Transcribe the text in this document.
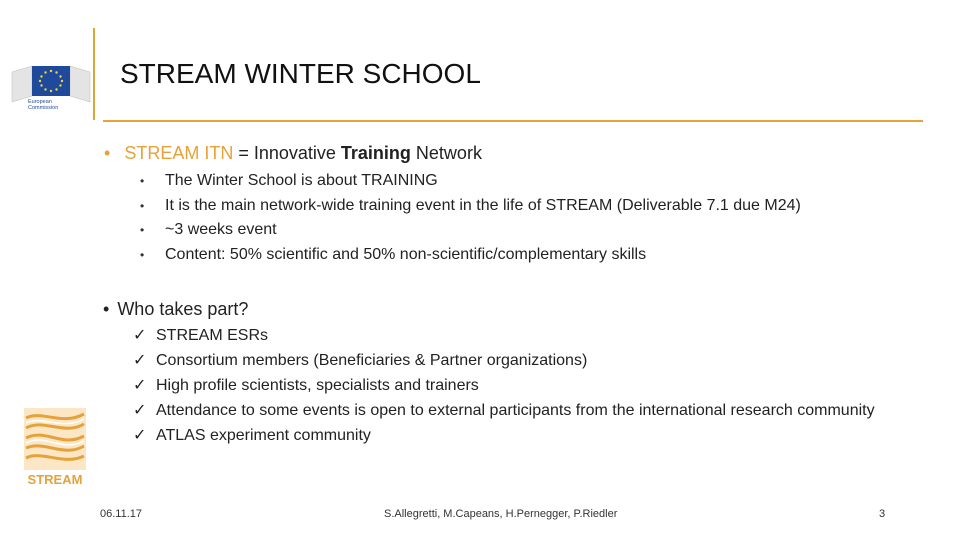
European
Commission
STREAM WINTER SCHOOL
• STREAM ITN = Innovative Training Network
• The Winter School is about TRAINING
• It is the main network-wide training event in the life of STREAM (Deliverable 7.1 due M24)
• ~3 weeks event
• Content: 50% scientific and 50% non-scientific/complementary skills
• Who takes part?
✓ STREAM ESRs
✓ Consortium members (Beneficiaries & Partner organizations)
✓ High profile scientists, specialists and trainers
✓ Attendance to some events is open to external participants from the international research community
✓ ATLAS experiment community
STREAM
06.11.17	S.Allegretti, M.Capeans, H.Pernegger, P.Riedler	3
